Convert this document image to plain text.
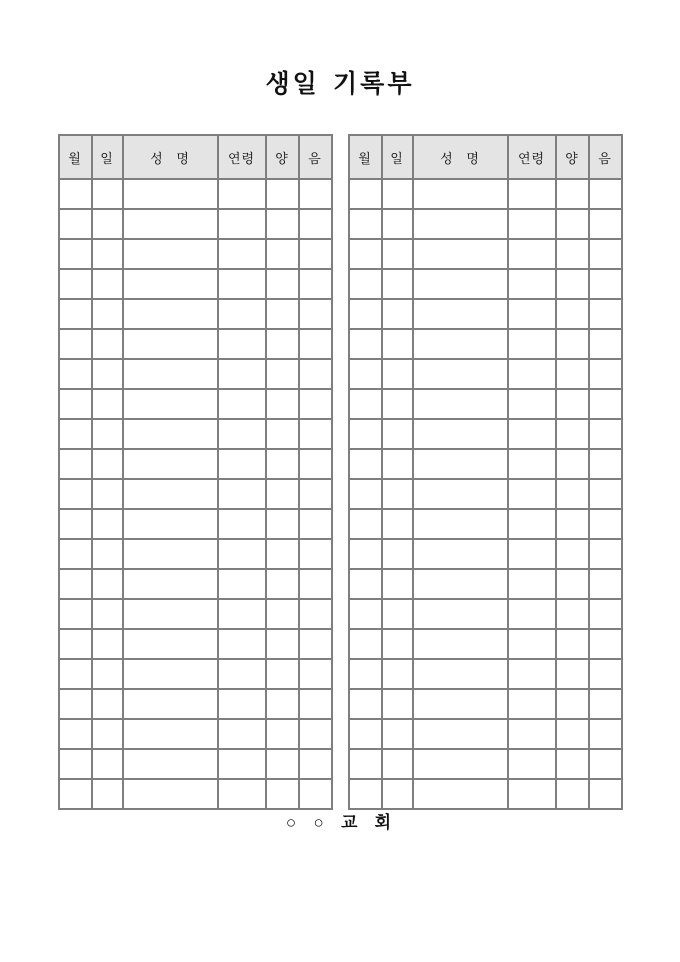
생일 기록부
월	일	성   명	연령	양	음

						월	일	성   명	연령	양	음

○ ○ 교 회
